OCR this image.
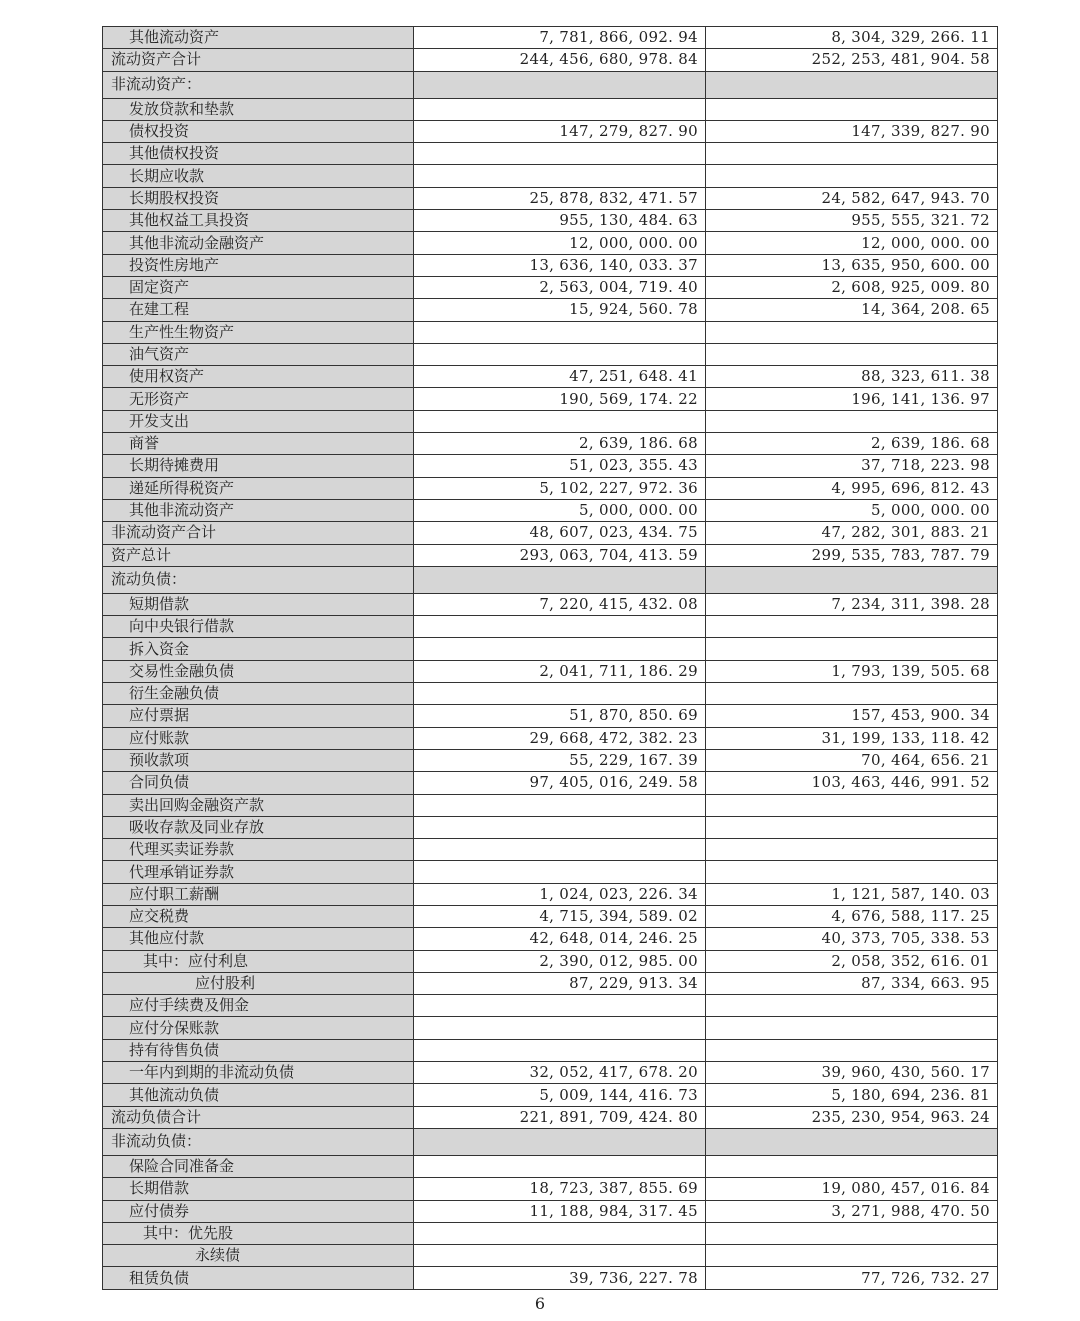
其他流动资产	7, 781, 866, 092. 94	8, 304, 329, 266. 11
流动资产合计	244, 456, 680, 978. 84	252, 253, 481, 904. 58
非流动资产：		
发放贷款和垫款		
债权投资	147, 279, 827. 90	147, 339, 827. 90
其他债权投资		
长期应收款		
长期股权投资	25, 878, 832, 471. 57	24, 582, 647, 943. 70
其他权益工具投资	955, 130, 484. 63	955, 555, 321. 72
其他非流动金融资产	12, 000, 000. 00	12, 000, 000. 00
投资性房地产	13, 636, 140, 033. 37	13, 635, 950, 600. 00
固定资产	2, 563, 004, 719. 40	2, 608, 925, 009. 80
在建工程	15, 924, 560. 78	14, 364, 208. 65
生产性生物资产		
油气资产		
使用权资产	47, 251, 648. 41	88, 323, 611. 38
无形资产	190, 569, 174. 22	196, 141, 136. 97
开发支出		
商誉	2, 639, 186. 68	2, 639, 186. 68
长期待摊费用	51, 023, 355. 43	37, 718, 223. 98
递延所得税资产	5, 102, 227, 972. 36	4, 995, 696, 812. 43
其他非流动资产	5, 000, 000. 00	5, 000, 000. 00
非流动资产合计	48, 607, 023, 434. 75	47, 282, 301, 883. 21
资产总计	293, 063, 704, 413. 59	299, 535, 783, 787. 79
流动负债：		
短期借款	7, 220, 415, 432. 08	7, 234, 311, 398. 28
向中央银行借款		
拆入资金		
交易性金融负债	2, 041, 711, 186. 29	1, 793, 139, 505. 68
衍生金融负债		
应付票据	51, 870, 850. 69	157, 453, 900. 34
应付账款	29, 668, 472, 382. 23	31, 199, 133, 118. 42
预收款项	55, 229, 167. 39	70, 464, 656. 21
合同负债	97, 405, 016, 249. 58	103, 463, 446, 991. 52
卖出回购金融资产款		
吸收存款及同业存放		
代理买卖证券款		
代理承销证券款		
应付职工薪酬	1, 024, 023, 226. 34	1, 121, 587, 140. 03
应交税费	4, 715, 394, 589. 02	4, 676, 588, 117. 25
其他应付款	42, 648, 014, 246. 25	40, 373, 705, 338. 53
其中：应付利息	2, 390, 012, 985. 00	2, 058, 352, 616. 01
应付股利	87, 229, 913. 34	87, 334, 663. 95
应付手续费及佣金		
应付分保账款		
持有待售负债		
一年内到期的非流动负债	32, 052, 417, 678. 20	39, 960, 430, 560. 17
其他流动负债	5, 009, 144, 416. 73	5, 180, 694, 236. 81
流动负债合计	221, 891, 709, 424. 80	235, 230, 954, 963. 24
非流动负债：		
保险合同准备金		
长期借款	18, 723, 387, 855. 69	19, 080, 457, 016. 84
应付债券	11, 188, 984, 317. 45	3, 271, 988, 470. 50
其中：优先股		
永续债		
租赁负债	39, 736, 227. 78	77, 726, 732. 27
6
